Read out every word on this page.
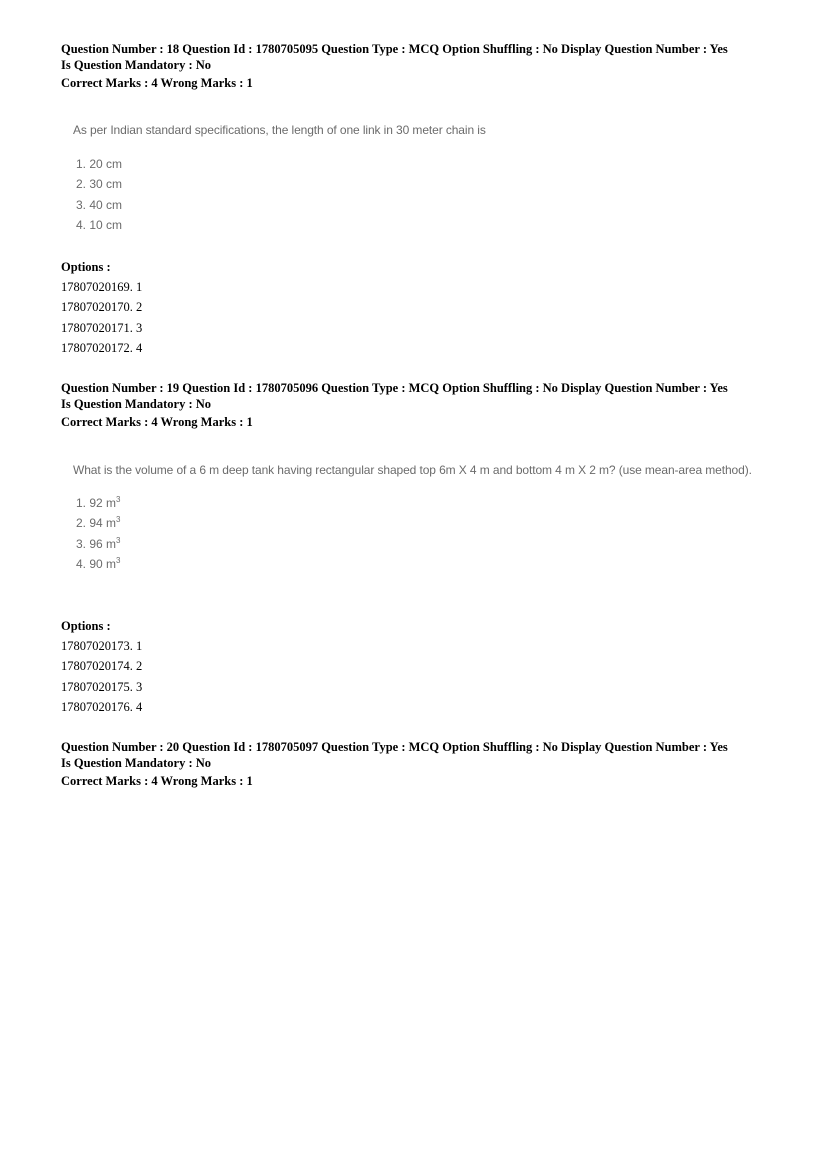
Question Number : 18 Question Id : 1780705095 Question Type : MCQ Option Shuffling : No Display Question Number : Yes
Is Question Mandatory : No
Correct Marks : 4 Wrong Marks : 1
As per Indian standard specifications, the length of one link in 30 meter chain is
1. 20 cm
2. 30 cm
3. 40 cm
4. 10 cm
Options :
17807020169. 1
17807020170. 2
17807020171. 3
17807020172. 4
Question Number : 19 Question Id : 1780705096 Question Type : MCQ Option Shuffling : No Display Question Number : Yes
Is Question Mandatory : No
Correct Marks : 4 Wrong Marks : 1
What is the volume of a 6 m deep tank having rectangular shaped top 6m X 4 m and bottom 4 m X 2 m? (use mean-area method).
1. 92 $m^3$
2. 94 $m^3$
3. 96 $m^3$
4. 90 $m^3$
Options :
17807020173. 1
17807020174. 2
17807020175. 3
17807020176. 4
Question Number : 20 Question Id : 1780705097 Question Type : MCQ Option Shuffling : No Display Question Number : Yes
Is Question Mandatory : No
Correct Marks : 4 Wrong Marks : 1
